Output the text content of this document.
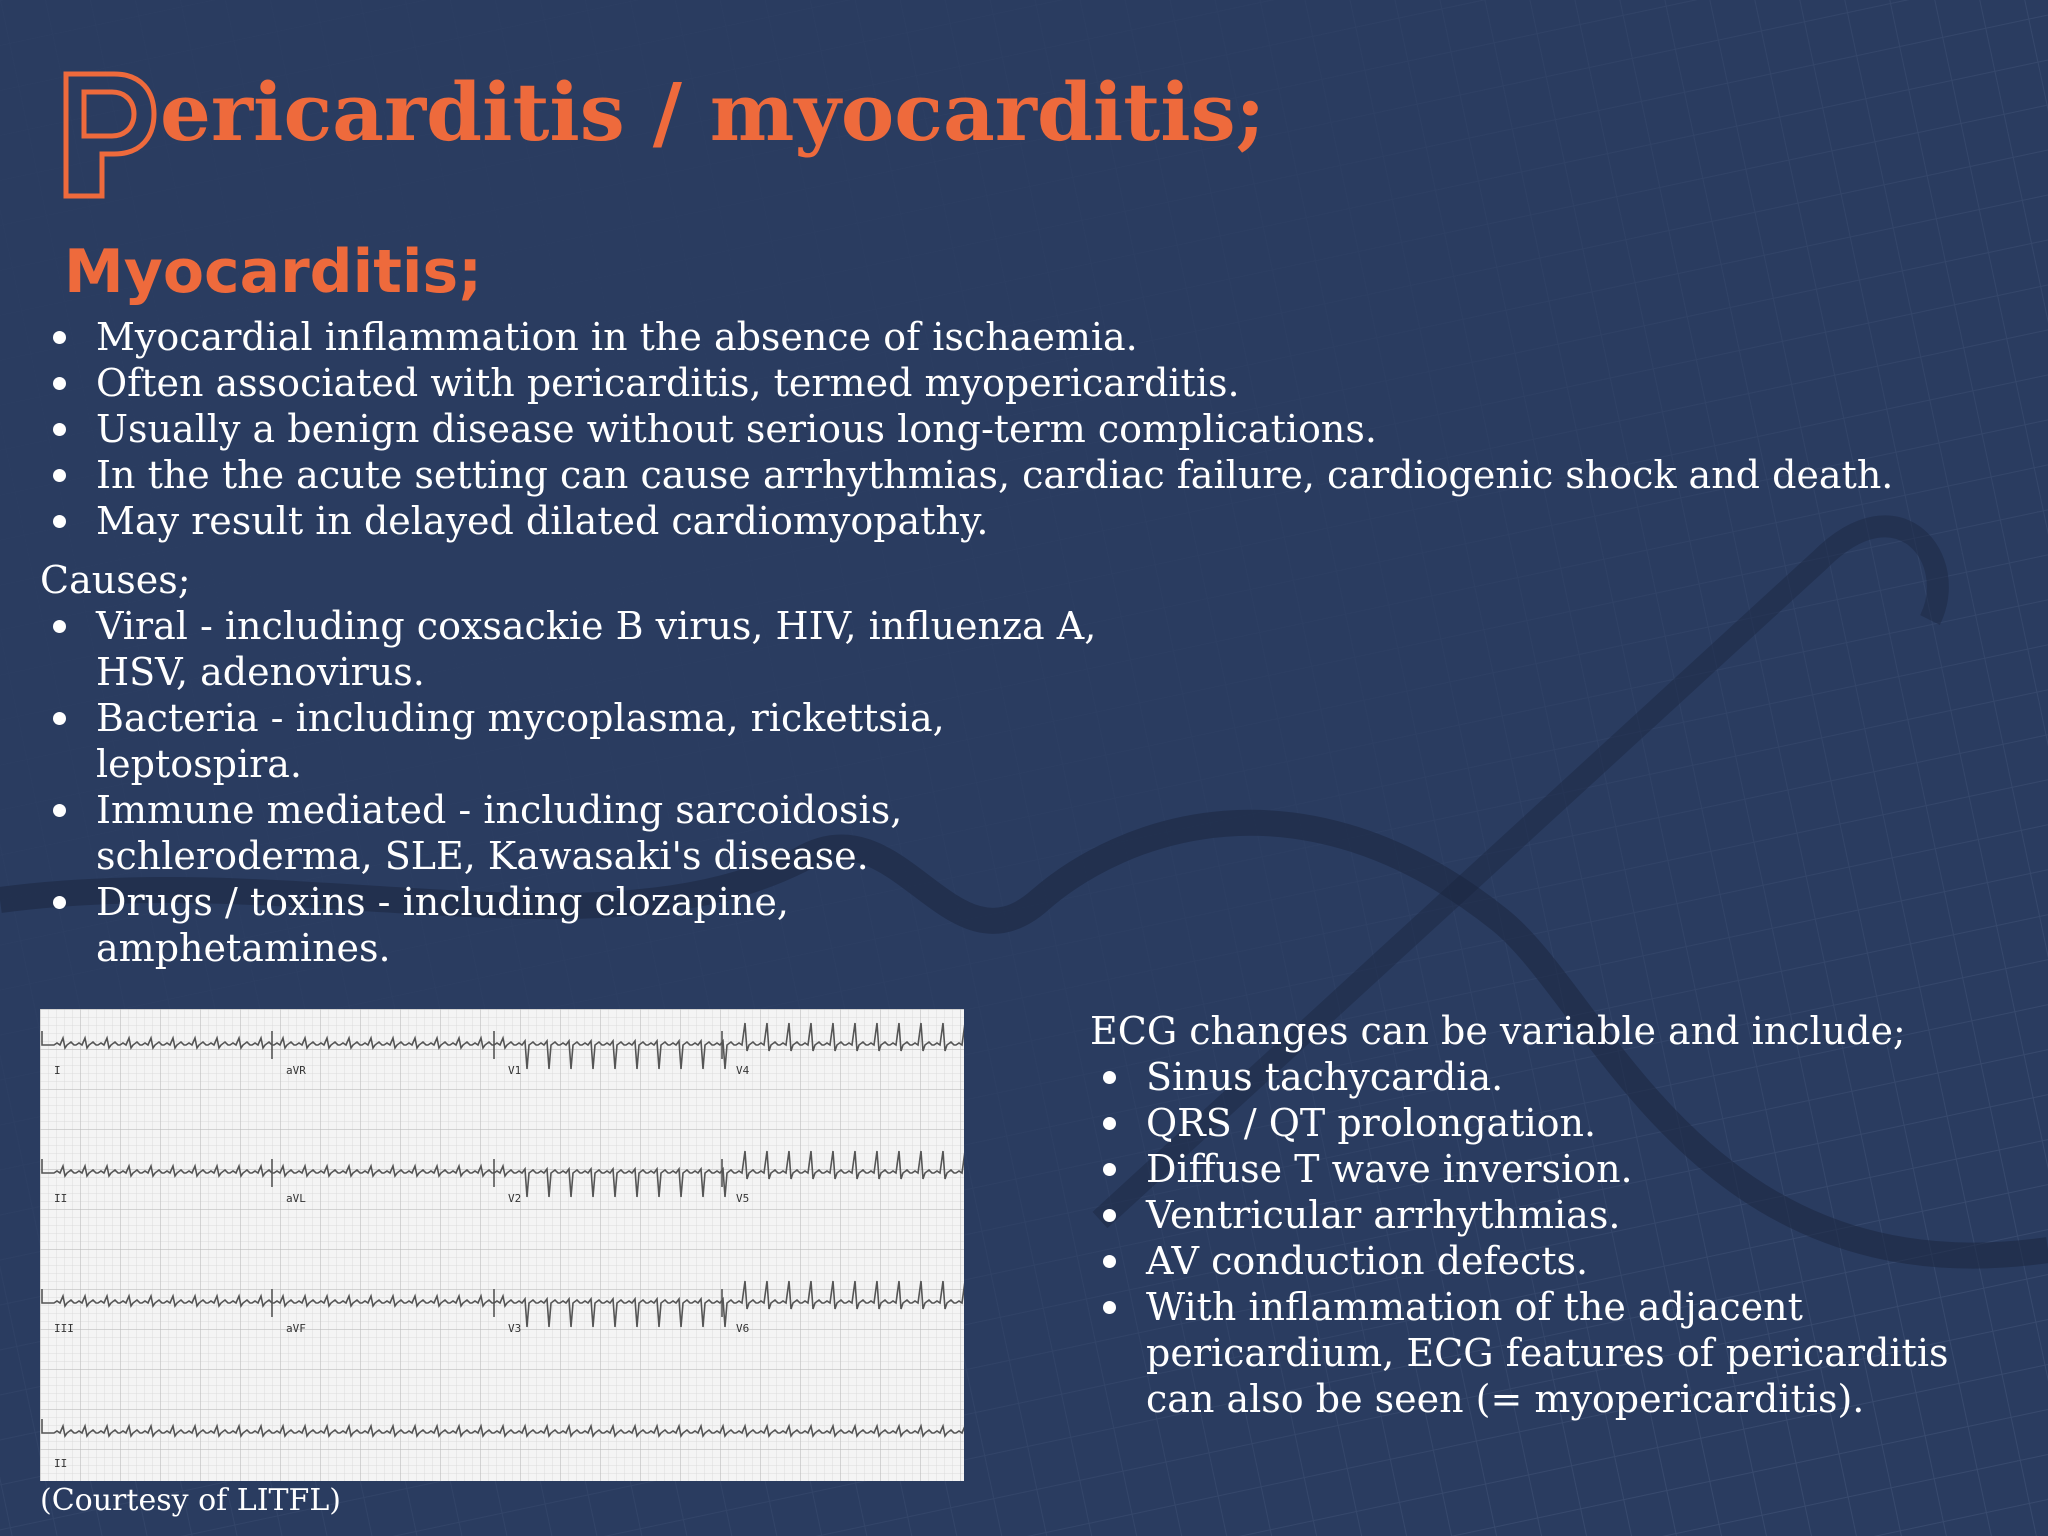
ericarditis / myocarditis;
Myocarditis;
Myocardial inflammation in the absence of ischaemia.
Often associated with pericarditis, termed myopericarditis.
Usually a benign disease without serious long-term complications.
In the the acute setting can cause arrhythmias, cardiac failure, cardiogenic shock and death.
May result in delayed dilated cardiomyopathy.
Causes;
Viral - including coxsackie B virus, HIV, influenza A,
HSV, adenovirus.
Bacteria - including mycoplasma, rickettsia,
leptospira.
Immune mediated - including sarcoidosis,
schleroderma, SLE, Kawasaki's disease.
Drugs / toxins - including clozapine,
amphetamines.
I	aVR	V1	V4
II	aVL	V2	V5
III	aVF	V3	V6
II
(Courtesy of LITFL)
ECG changes can be variable and include;
Sinus tachycardia.
QRS / QT prolongation.
Diffuse T wave inversion.
Ventricular arrhythmias.
AV conduction defects.
With inflammation of the adjacent
pericardium, ECG features of pericarditis
can also be seen (= myopericarditis).
